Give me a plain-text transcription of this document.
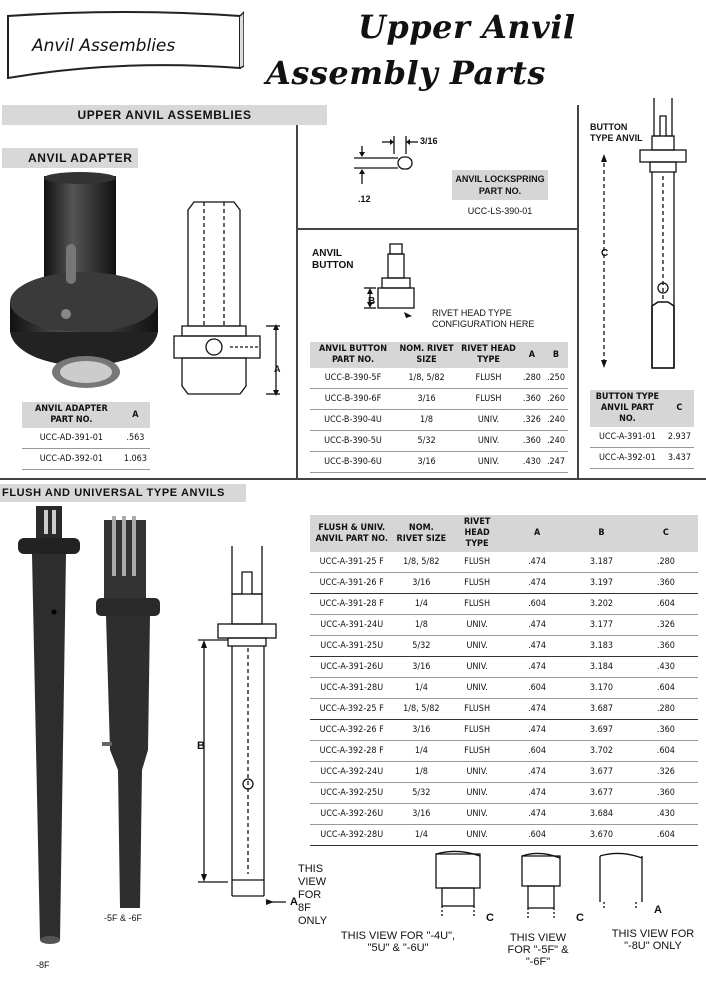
Anvil Assemblies	Upper Anvil
Assembly Parts
UPPER ANVIL ASSEMBLIES
ANVIL ADAPTER
A
ANVIL ADAPTER PART NO.	A
UCC-AD-391-01	.563
UCC-AD-392-01	1.063
3/16
.12
ANVIL LOCKSPRING PART NO.
UCC-LS-390-01
ANVIL BUTTON
B
RIVET HEAD TYPE CONFIGURATION HERE
ANVIL BUTTON PART NO.	NOM. RIVET SIZE	RIVET HEAD TYPE	A	B
UCC-B-390-5F	1/8, 5/82	FLUSH	.280	.250
UCC-B-390-6F	3/16	FLUSH	.360	.260
UCC-B-390-4U	1/8	UNIV.	.326	.240
UCC-B-390-5U	5/32	UNIV.	.360	.240
UCC-B-390-6U	3/16	UNIV.	.430	.247
BUTTON TYPE ANVIL
C
BUTTON TYPE ANVIL PART NO.	C
UCC-A-391-01	2.937
UCC-A-392-01	3.437
FLUSH AND UNIVERSAL TYPE ANVILS
-8F
-5F & -6F
B
A
THIS VIEW FOR 8F ONLY
FLUSH & UNIV. ANVIL PART NO.	NOM. RIVET SIZE	RIVET HEAD TYPE	A	B	C
UCC-A-391-25 F	1/8, 5/82	FLUSH	.474	3.187	.280
UCC-A-391-26 F	3/16	FLUSH	.474	3.197	.360
UCC-A-391-28 F	1/4	FLUSH	.604	3.202	.604
UCC-A-391-24U	1/8	UNIV.	.474	3.177	.326
UCC-A-391-25U	5/32	UNIV.	.474	3.183	.360
UCC-A-391-26U	3/16	UNIV.	.474	3.184	.430
UCC-A-391-28U	1/4	UNIV.	.604	3.170	.604
UCC-A-392-25 F	1/8, 5/82	FLUSH	.474	3.687	.280
UCC-A-392-26 F	3/16	FLUSH	.474	3.697	.360
UCC-A-392-28 F	1/4	FLUSH	.604	3.702	.604
UCC-A-392-24U	1/8	UNIV.	.474	3.677	.326
UCC-A-392-25U	5/32	UNIV.	.474	3.677	.360
UCC-A-392-26U	3/16	UNIV.	.474	3.684	.430
UCC-A-392-28U	1/4	UNIV.	.604	3.670	.604
C
THIS VIEW FOR "-4U", "5U" & "-6U"
C
THIS VIEW FOR "-5F" & "-6F"
A
THIS VIEW FOR "-8U" ONLY
